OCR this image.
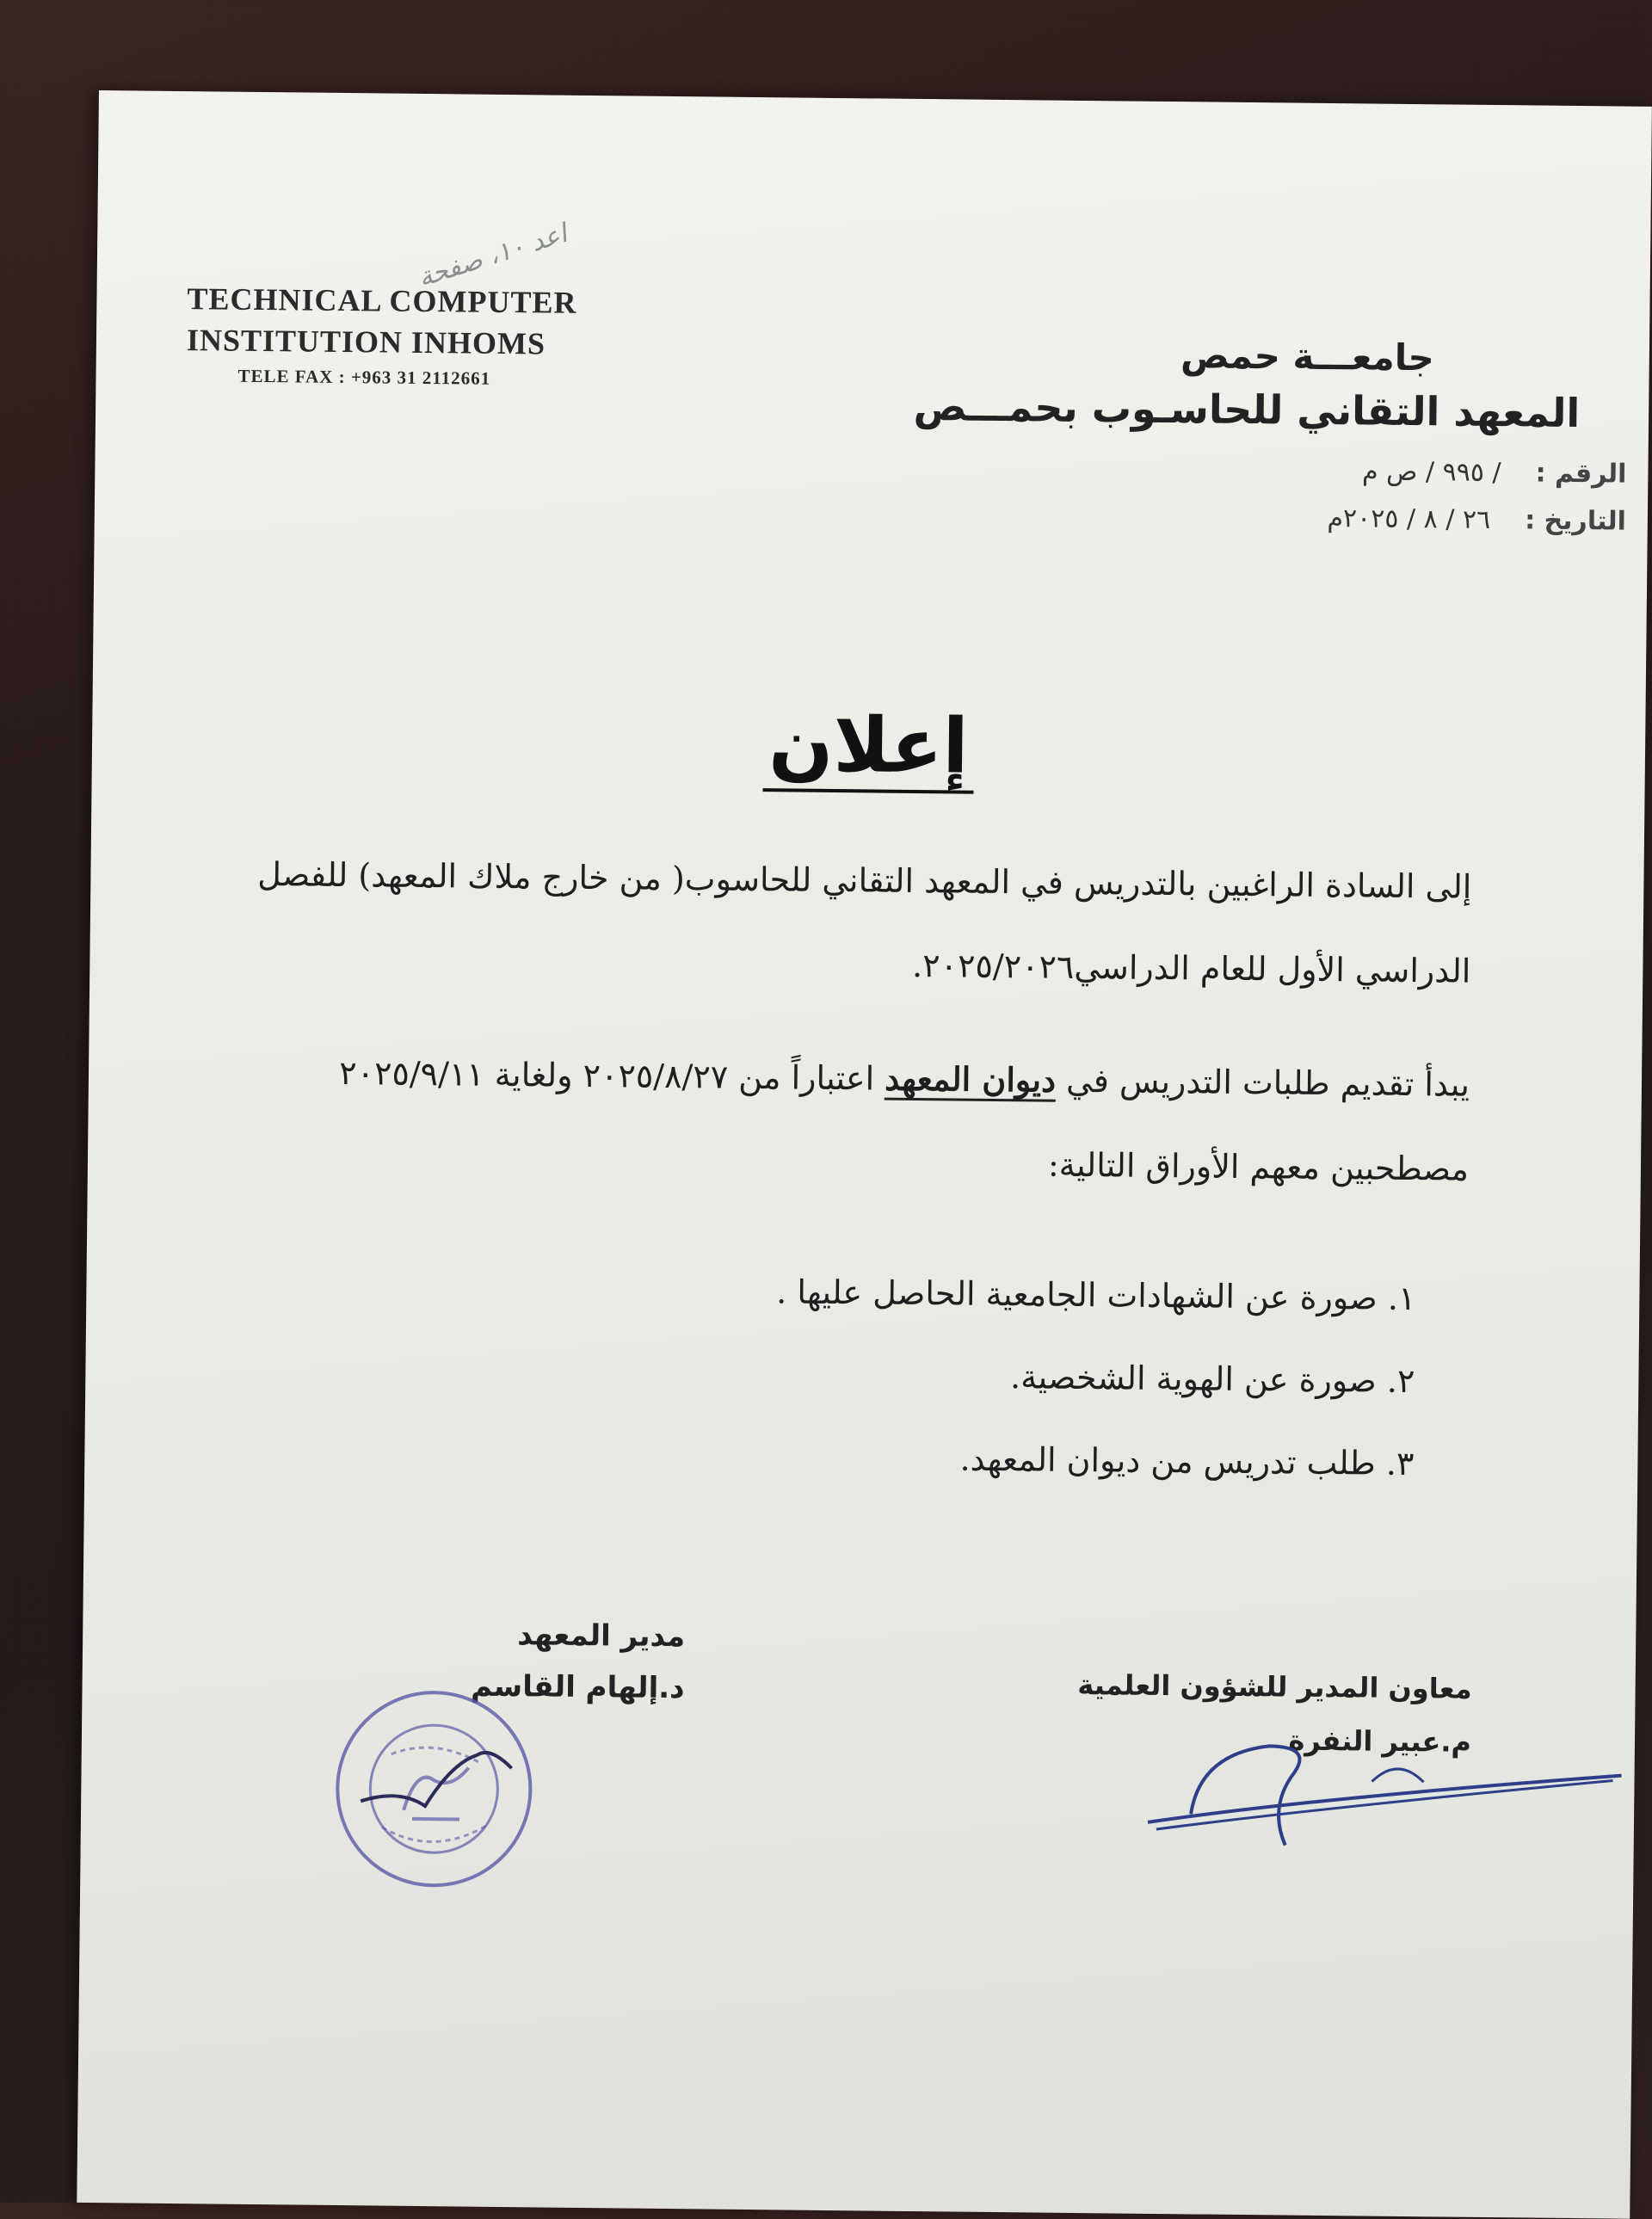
اعد ١٠، صفحة
TECHNICAL COMPUTER
INSTITUTION INHOMS
TELE FAX : +963 31 2112661	جامعـــة حمص
المعهد التقاني للحاسـوب بحمـــص
الرقم :
/ ٩٩٥ / ص م
التاريخ :
٢٦ / ٨ / ٢٠٢٥م
إعلان
إلى السادة الراغبين بالتدريس في المعهد التقاني للحاسوب( من خارج ملاك المعهد) للفصل الدراسي الأول للعام الدراسي٢٠٢٥/٢٠٢٦.
يبدأ تقديم طلبات التدريس في ديوان المعهد اعتباراً من ٢٠٢٥/٨/٢٧ ولغاية ٢٠٢٥/٩/١١ مصطحبين معهم الأوراق التالية:
١. صورة عن الشهادات الجامعية الحاصل عليها .
٢. صورة عن الهوية الشخصية.
٣. طلب تدريس من ديوان المعهد.
مدير المعهد
د.إلهام القاسم	معاون المدير للشؤون العلمية
م.عبير النفرة
